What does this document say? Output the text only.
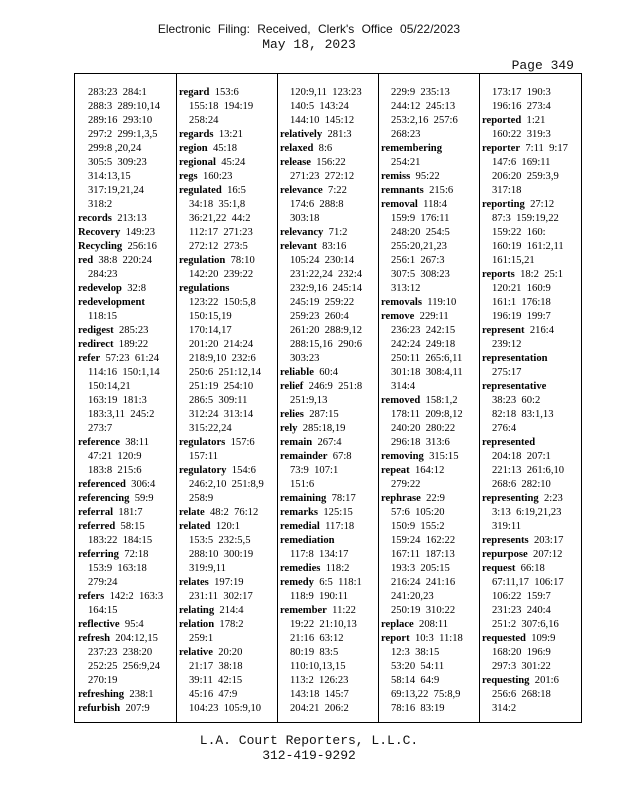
Electronic Filing: Received, Clerk's Office 05/22/2023
May 18, 2023
Page 349
283:23  284:1
288:3  289:10,14
289:16  293:10
297:2  299:1,3,5
299:8 ,20,24
305:5  309:23
314:13,15
317:19,21,24
318:2
records 213:13
Recovery 149:23
Recycling 256:16
red 38:8  220:24
284:23
redevelop 32:8
redevelopment
118:15
redigest 285:23
redirect 189:22
refer 57:23  61:24
114:16  150:1,14
150:14,21
163:19  181:3
183:3,11  245:2
273:7
reference 38:11
47:21  120:9
183:8  215:6
referenced 306:4
referencing 59:9
referral 181:7
referred 58:15
183:22  184:15
referring 72:18
153:9  163:18
279:24
refers 142:2  163:3
164:15
reflective 95:4
refresh 204:12,15
237:23  238:20
252:25  256:9,24
270:19
refreshing 238:1
refurbish 207:9
regard 153:6
155:18  194:19
258:24
regards 13:21
region 45:18
regional 45:24
regs 160:23
regulated 16:5
34:18  35:1,8
36:21,22  44:2
112:17  271:23
272:12  273:5
regulation 78:10
142:20  239:22
regulations
123:22  150:5,8
150:15,19
170:14,17
201:20  214:24
218:9,10  232:6
250:6  251:12,14
251:19  254:10
286:5  309:11
312:24  313:14
315:22,24
regulators 157:6
157:11
regulatory 154:6
246:2,10  251:8,9
258:9
relate 48:2  76:12
related 120:1
153:5  232:5,5
288:10  300:19
319:9,11
relates 197:19
231:11  302:17
relating 214:4
relation 178:2
259:1
relative 20:20
21:17  38:18
39:11  42:15
45:16  47:9
104:23  105:9,10
120:9,11  123:23
140:5  143:24
144:10  145:12
relatively 281:3
relaxed 8:6
release 156:22
271:23  272:12
relevance 7:22
174:6  288:8
303:18
relevancy 71:2
relevant 83:16
105:24  230:14
231:22,24  232:4
232:9,16  245:14
245:19  259:22
259:23  260:4
261:20  288:9,12
288:15,16  290:6
303:23
reliable 60:4
relief 246:9  251:8
251:9,13
relies 287:15
rely 285:18,19
remain 267:4
remainder 67:8
73:9  107:1
151:6
remaining 78:17
remarks 125:15
remedial 117:18
remediation
117:8  134:17
remedies 118:2
remedy 6:5  118:1
118:9  190:11
remember 11:22
19:22  21:10,13
21:16  63:12
80:19  83:5
110:10,13,15
113:2  126:23
143:18  145:7
204:21  206:2
229:9  235:13
244:12  245:13
253:2,16  257:6
268:23
remembering
254:21
remiss 95:22
remnants 215:6
removal 118:4
159:9  176:11
248:20  254:5
255:20,21,23
256:1  267:3
307:5  308:23
313:12
removals 119:10
remove 229:11
236:23  242:15
242:24  249:18
250:11  265:6,11
301:18  308:4,11
314:4
removed 158:1,2
178:11  209:8,12
240:20  280:22
296:18  313:6
removing 315:15
repeat 164:12
279:22
rephrase 22:9
57:6  105:20
150:9  155:2
159:24  162:22
167:11  187:13
193:3  205:15
216:24  241:16
241:20,23
250:19  310:22
replace 208:11
report 10:3  11:18
12:3  38:15
53:20  54:11
58:14  64:9
69:13,22  75:8,9
78:16  83:19
173:17  190:3
196:16  273:4
reported 1:21
160:22  319:3
reporter 7:11  9:17
147:6  169:11
206:20  259:3,9
317:18
reporting 27:12
87:3  159:19,22
159:22  160:
160:19  161:2,11
161:15,21
reports 18:2  25:1
120:21  160:9
161:1  176:18
196:19  199:7
represent 216:4
239:12
representation
275:17
representative
38:23  60:2
82:18  83:1,13
276:4
represented
204:18  207:1
221:13  261:6,10
268:6  282:10
representing 2:23
3:13  6:19,21,23
319:11
represents 203:17
repurpose 207:12
request 66:18
67:11,17  106:17
106:22  159:7
231:23  240:4
251:2  307:6,16
requested 109:9
168:20  196:9
297:3  301:22
requesting 201:6
256:6  268:18
314:2
L.A. Court Reporters, L.L.C.
312-419-9292
